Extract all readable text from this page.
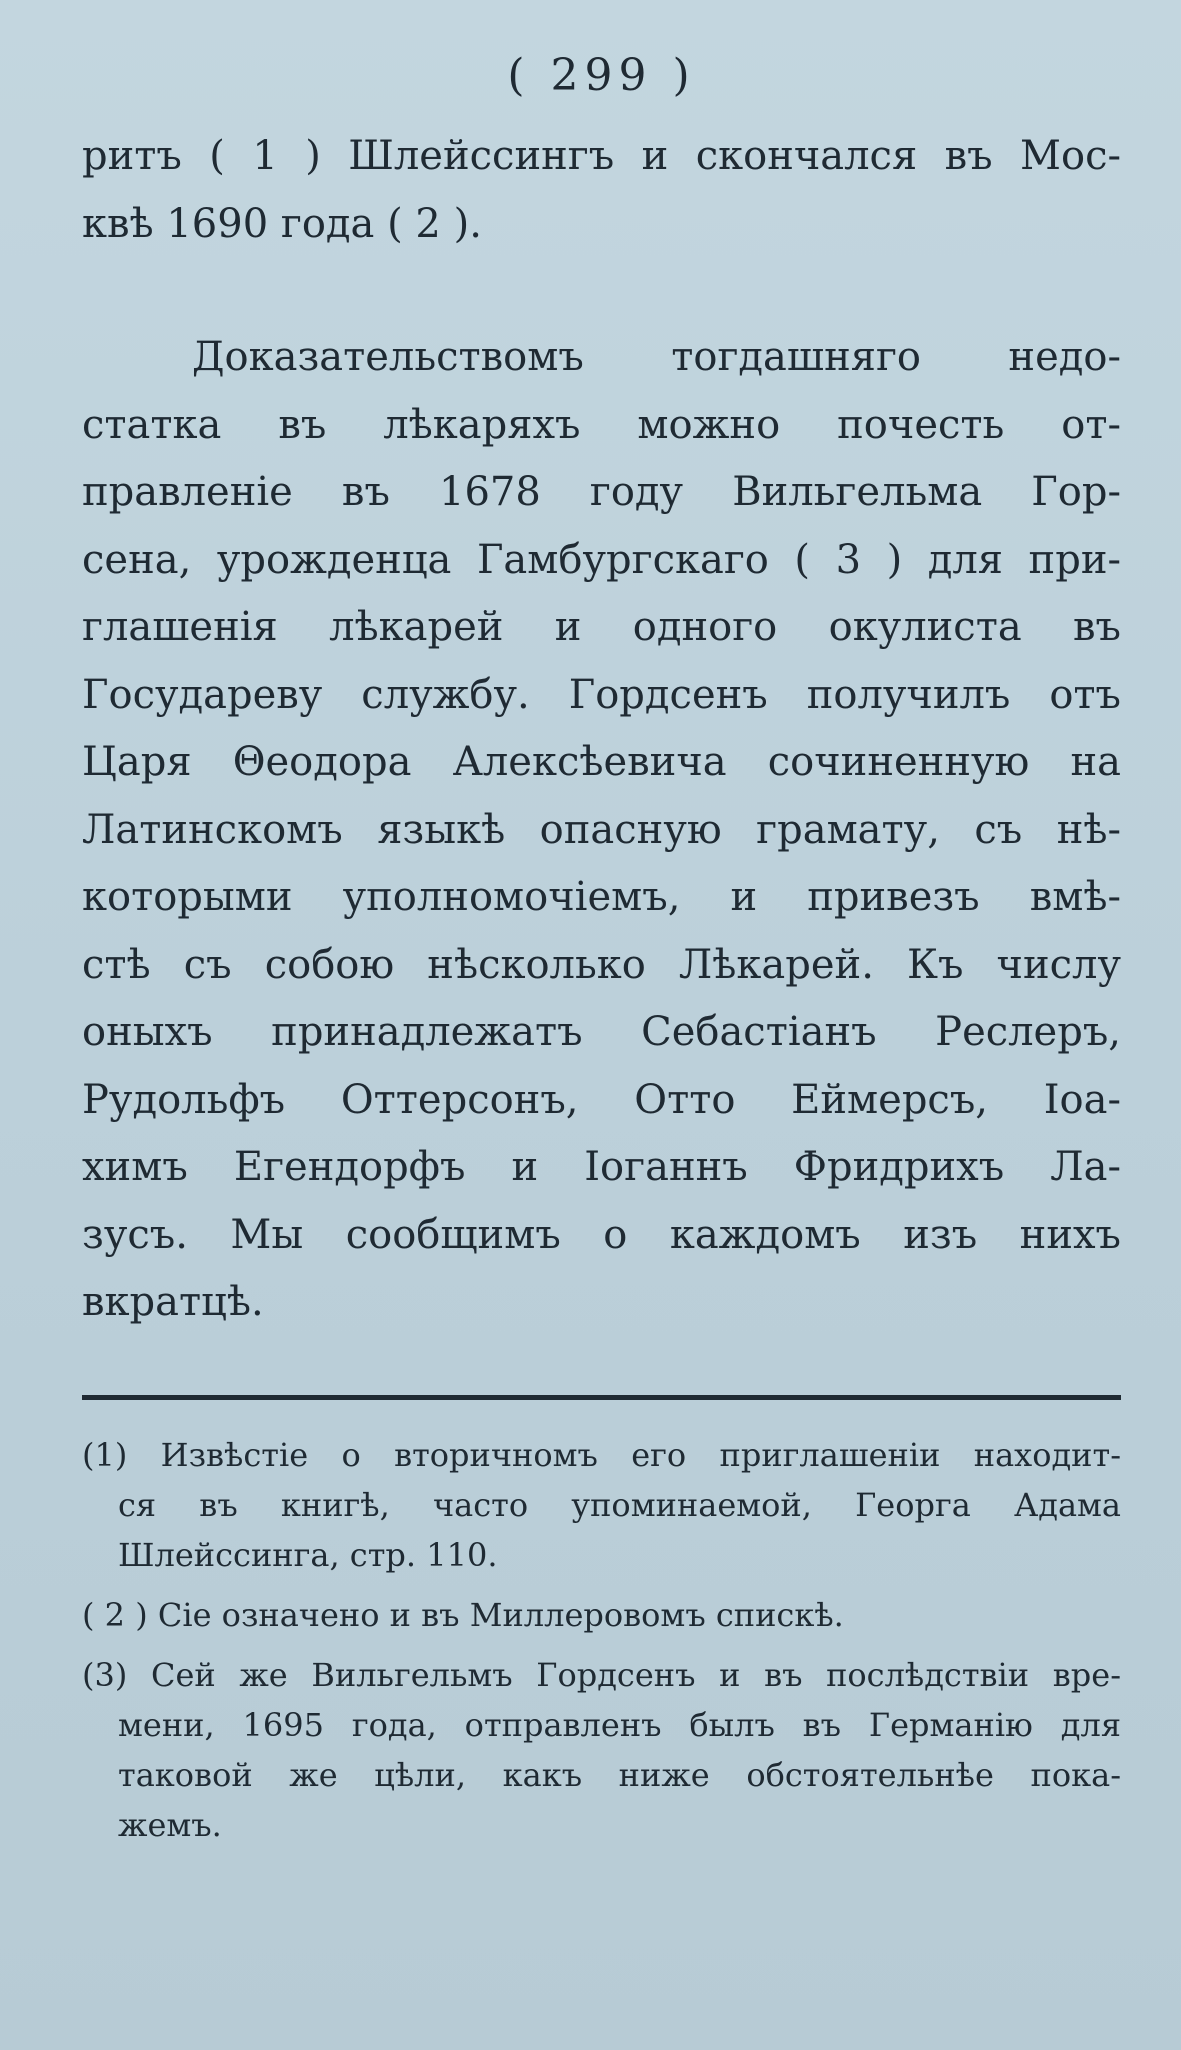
( 299 )
ритъ ( 1 ) Шлейссингъ и скончался въ Мос-
квѣ 1690 года ( 2 ).
Доказательствомъ тогдашняго недо-
статка въ лѣкаряхъ можно почесть от-
правленіе въ 1678 году Вильгельма Гор-
сена, урожденца Гамбургскаго ( 3 ) для при-
глашенія лѣкарей и одного окулиста въ
Государеву службу. Гордсенъ получилъ отъ
Царя Θеодора Алексѣевича сочиненную на
Латинскомъ языкѣ опасную грамату, съ нѣ-
которыми уполномочіемъ, и привезъ вмѣ-
стѣ съ собою нѣсколько Лѣкарей. Къ числу
оныхъ принадлежатъ Себастіанъ Реслеръ,
Рудольфъ Оттерсонъ, Отто Еймерсъ, Іоа-
химъ Егендорфъ и Іоганнъ Фридрихъ Ла-
зусъ. Мы сообщимъ о каждомъ изъ нихъ
вкратцѣ.
(1) Извѣстіе о вторичномъ его приглашеніи находит-
ся въ книгѣ, часто упоминаемой, Георга Адама
Шлейссинга, стр. 110.
( 2 ) Сіе означено и въ Миллеровомъ спискѣ.
(3) Сей же Вильгельмъ Гордсенъ и въ послѣдствіи вре-
мени, 1695 года, отправленъ былъ въ Германію для
таковой же цѣли, какъ ниже обстоятельнѣе пока-
жемъ.
